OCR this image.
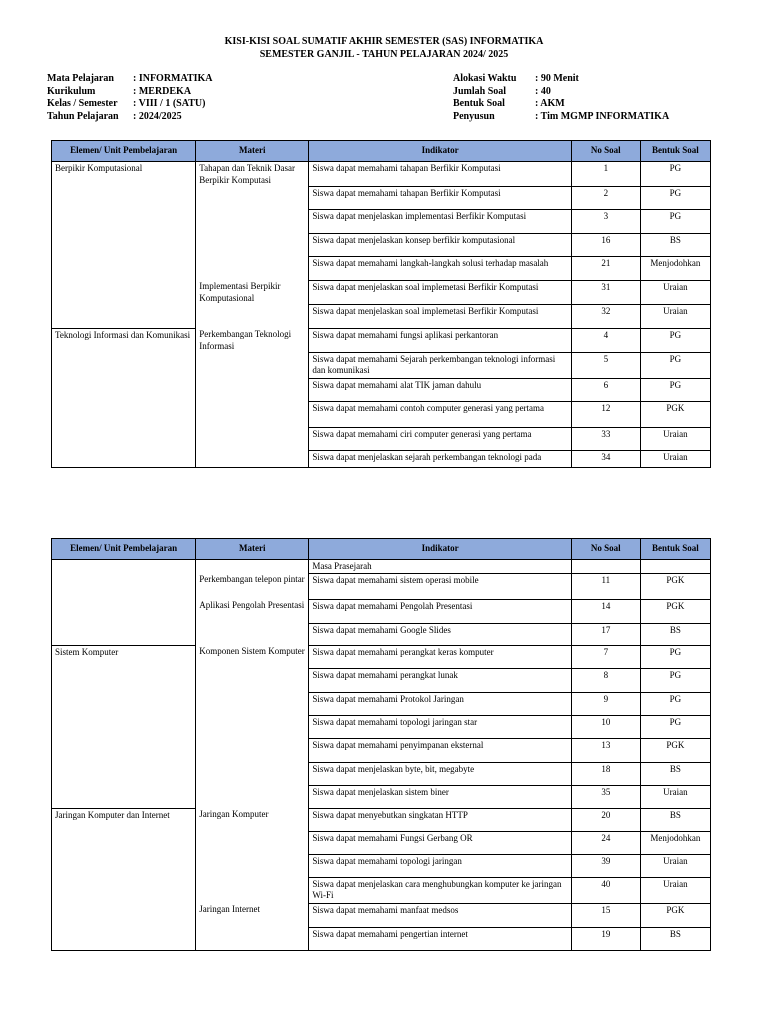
KISI-KISI SOAL SUMATIF AKHIR SEMESTER (SAS) INFORMATIKA
SEMESTER GANJIL - TAHUN PELAJARAN 2024/ 2025
Mata Pelajaran	: INFORMATIKA
Kurikulum	: MERDEKA
Kelas / Semester	: VIII / 1 (SATU)
Tahun Pelajaran	: 2024/2025
Alokasi Waktu	: 90 Menit
Jumlah Soal	: 40
Bentuk Soal	: AKM
Penyusun	: Tim MGMP INFORMATIKA
Elemen/ Unit Pembelajaran	Materi	Indikator	No Soal	Bentuk Soal
Berpikir Komputasional	Tahapan dan Teknik Dasar Berpikir Komputasi	Siswa dapat memahami tahapan Berfikir Komputasi	1	PG
		Siswa dapat memahami tahapan Berfikir Komputasi	2	PG
		Siswa dapat menjelaskan implementasi Berfikir Komputasi	3	PG
		Siswa dapat menjelaskan konsep berfikir komputasional	16	BS
		Siswa dapat memahami langkah-langkah solusi terhadap masalah	21	Menjodohkan
	Implementasi Berpikir Komputasional	Siswa dapat menjelaskan soal implemetasi Berfikir Komputasi	31	Uraian
		Siswa dapat menjelaskan soal implemetasi Berfikir Komputasi	32	Uraian
Teknologi Informasi dan Komunikasi	Perkembangan Teknologi Informasi	Siswa dapat memahami fungsi aplikasi perkantoran	4	PG
		Siswa dapat memahami Sejarah perkembangan teknologi informasi dan komunikasi	5	PG
		Siswa dapat memahami alat TIK jaman dahulu	6	PG
		Siswa dapat memahami contoh computer generasi yang pertama	12	PGK
		Siswa dapat memahami ciri computer generasi yang pertama	33	Uraian
		Siswa dapat menjelaskan sejarah perkembangan teknologi pada	34	Uraian
Elemen/ Unit Pembelajaran	Materi	Indikator	No Soal	Bentuk Soal
		Masa Prasejarah		
	Perkembangan telepon pintar	Siswa dapat memahami sistem operasi mobile	11	PGK
	Aplikasi Pengolah Presentasi	Siswa dapat memahami Pengolah Presentasi	14	PGK
		Siswa dapat memahami Google Slides	17	BS
Sistem Komputer	Komponen Sistem Komputer	Siswa dapat memahami perangkat keras komputer	7	PG
		Siswa dapat memahami perangkat lunak	8	PG
		Siswa dapat memahami Protokol Jaringan	9	PG
		Siswa dapat memahami topologi jaringan star	10	PG
		Siswa dapat memahami penyimpanan eksternal	13	PGK
		Siswa dapat menjelaskan byte, bit, megabyte	18	BS
		Siswa dapat menjelaskan sistem biner	35	Uraian
Jaringan Komputer dan Internet	Jaringan Komputer	Siswa dapat menyebutkan singkatan HTTP	20	BS
		Siswa dapat memahami Fungsi Gerbang OR	24	Menjodohkan
		Siswa dapat memahami topologi jaringan	39	Uraian
		Siswa dapat menjelaskan cara menghubungkan komputer ke jaringan Wi-Fi	40	Uraian
	Jaringan Internet	Siswa dapat memahami manfaat medsos	15	PGK
		Siswa dapat memahami pengertian internet	19	BS
